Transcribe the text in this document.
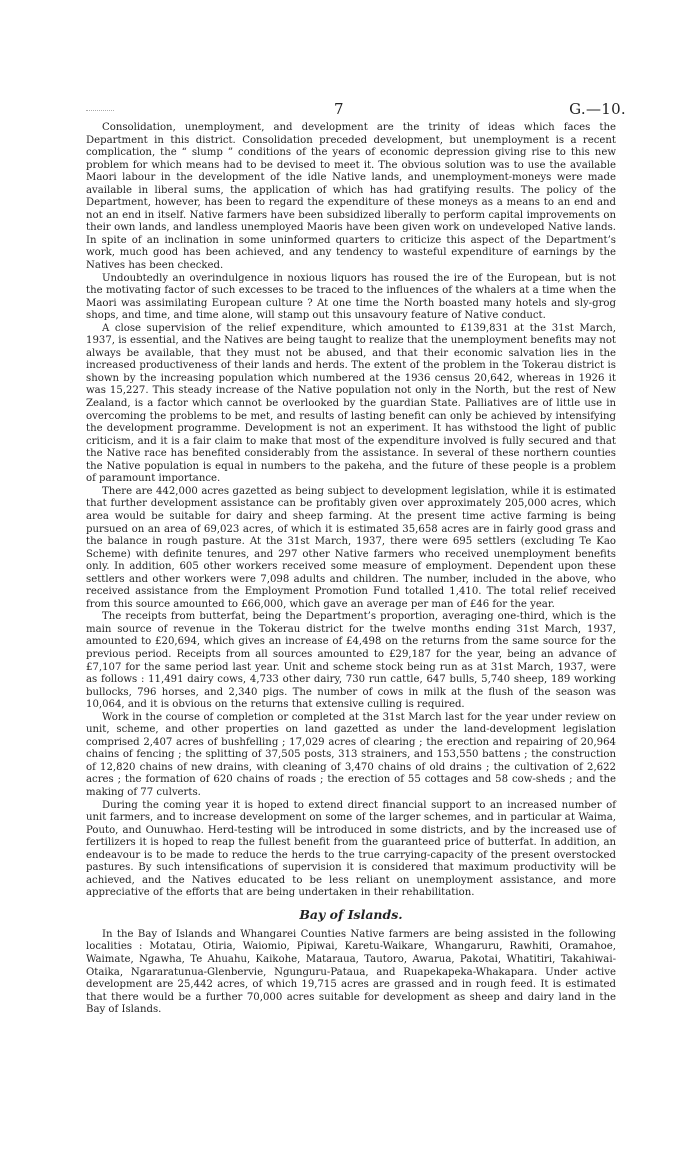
7	G.—10.

Consolidation, unemployment, and development are the trinity of ideas which faces the Department in this district. Consolidation preceded development, but unemployment is a recent complication, the “ slump ” conditions of the years of economic depression giving rise to this new problem for which means had to be devised to meet it. The obvious solution was to use the available Maori labour in the development of the idle Native lands, and unemployment-moneys were made available in liberal sums, the application of which has had gratifying results. The policy of the Department, however, has been to regard the expenditure of these moneys as a means to an end and not an end in itself. Native farmers have been subsidized liberally to perform capital improvements on their own lands, and landless unemployed Maoris have been given work on undeveloped Native lands. In spite of an inclination in some uninformed quarters to criticize this aspect of the Department’s work, much good has been achieved, and any tendency to wasteful expenditure of earnings by the Natives has been checked.

Undoubtedly an overindulgence in noxious liquors has roused the ire of the European, but is not the motivating factor of such excesses to be traced to the influences of the whalers at a time when the Maori was assimilating European culture ? At one time the North boasted many hotels and sly-grog shops, and time, and time alone, will stamp out this unsavoury feature of Native conduct.

A close supervision of the relief expenditure, which amounted to £139,831 at the 31st March, 1937, is essential, and the Natives are being taught to realize that the unemployment benefits may not always be available, that they must not be abused, and that their economic salvation lies in the increased productiveness of their lands and herds. The extent of the problem in the Tokerau district is shown by the increasing population which numbered at the 1936 census 20,642, whereas in 1926 it was 15,227. This steady increase of the Native population not only in the North, but the rest of New Zealand, is a factor which cannot be overlooked by the guardian State. Palliatives are of little use in overcoming the problems to be met, and results of lasting benefit can only be achieved by intensifying the development programme. Development is not an experiment. It has withstood the light of public criticism, and it is a fair claim to make that most of the expenditure involved is fully secured and that the Native race has benefited considerably from the assistance. In several of these northern counties the Native population is equal in numbers to the pakeha, and the future of these people is a problem of paramount importance.

There are 442,000 acres gazetted as being subject to development legislation, while it is estimated that further development assistance can be profitably given over approximately 205,000 acres, which area would be suitable for dairy and sheep farming. At the present time active farming is being pursued on an area of 69,023 acres, of which it is estimated 35,658 acres are in fairly good grass and the balance in rough pasture. At the 31st March, 1937, there were 695 settlers (excluding Te Kao Scheme) with definite tenures, and 297 other Native farmers who received unemployment benefits only. In addition, 605 other workers received some measure of employment. Dependent upon these settlers and other workers were 7,098 adults and children. The number, included in the above, who received assistance from the Employment Promotion Fund totalled 1,410. The total relief received from this source amounted to £66,000, which gave an average per man of £46 for the year.

The receipts from butterfat, being the Department’s proportion, averaging one-third, which is the main source of revenue in the Tokerau district for the twelve months ending 31st March, 1937, amounted to £20,694, which gives an increase of £4,498 on the returns from the same source for the previous period. Receipts from all sources amounted to £29,187 for the year, being an advance of £7,107 for the same period last year. Unit and scheme stock being run as at 31st March, 1937, were as follows : 11,491 dairy cows, 4,733 other dairy, 730 run cattle, 647 bulls, 5,740 sheep, 189 working bullocks, 796 horses, and 2,340 pigs. The number of cows in milk at the flush of the season was 10,064, and it is obvious on the returns that extensive culling is required.

Work in the course of completion or completed at the 31st March last for the year under review on unit, scheme, and other properties on land gazetted as under the land-development legislation comprised 2,407 acres of bushfelling ; 17,029 acres of clearing ; the erection and repairing of 20,964 chains of fencing ; the splitting of 37,505 posts, 313 strainers, and 153,550 battens ; the construction of 12,820 chains of new drains, with cleaning of 3,470 chains of old drains ; the cultivation of 2,622 acres ; the formation of 620 chains of roads ; the erection of 55 cottages and 58 cow-sheds ; and the making of 77 culverts.

During the coming year it is hoped to extend direct financial support to an increased number of unit farmers, and to increase development on some of the larger schemes, and in particular at Waima, Pouto, and Ounuwhao. Herd-testing will be introduced in some districts, and by the increased use of fertilizers it is hoped to reap the fullest benefit from the guaranteed price of butterfat. In addition, an endeavour is to be made to reduce the herds to the true carrying-capacity of the present overstocked pastures. By such intensifications of supervision it is considered that maximum productivity will be achieved, and the Natives educated to be less reliant on unemployment assistance, and more appreciative of the efforts that are being undertaken in their rehabilitation.

Bay of Islands.

In the Bay of Islands and Whangarei Counties Native farmers are being assisted in the following localities : Motatau, Otiria, Waiomio, Pipiwai, Karetu-Waikare, Whangaruru, Rawhiti, Oramahoe, Waimate, Ngawha, Te Ahuahu, Kaikohe, Mataraua, Tautoro, Awarua, Pakotai, Whatitiri, Takahiwai-Otaika, Ngararatunua-Glenbervie, Ngunguru-Pataua, and Ruapekapeka-Whakapara. Under active development are 25,442 acres, of which 19,715 acres are grassed and in rough feed. It is estimated that there would be a further 70,000 acres suitable for development as sheep and dairy land in the Bay of Islands.
